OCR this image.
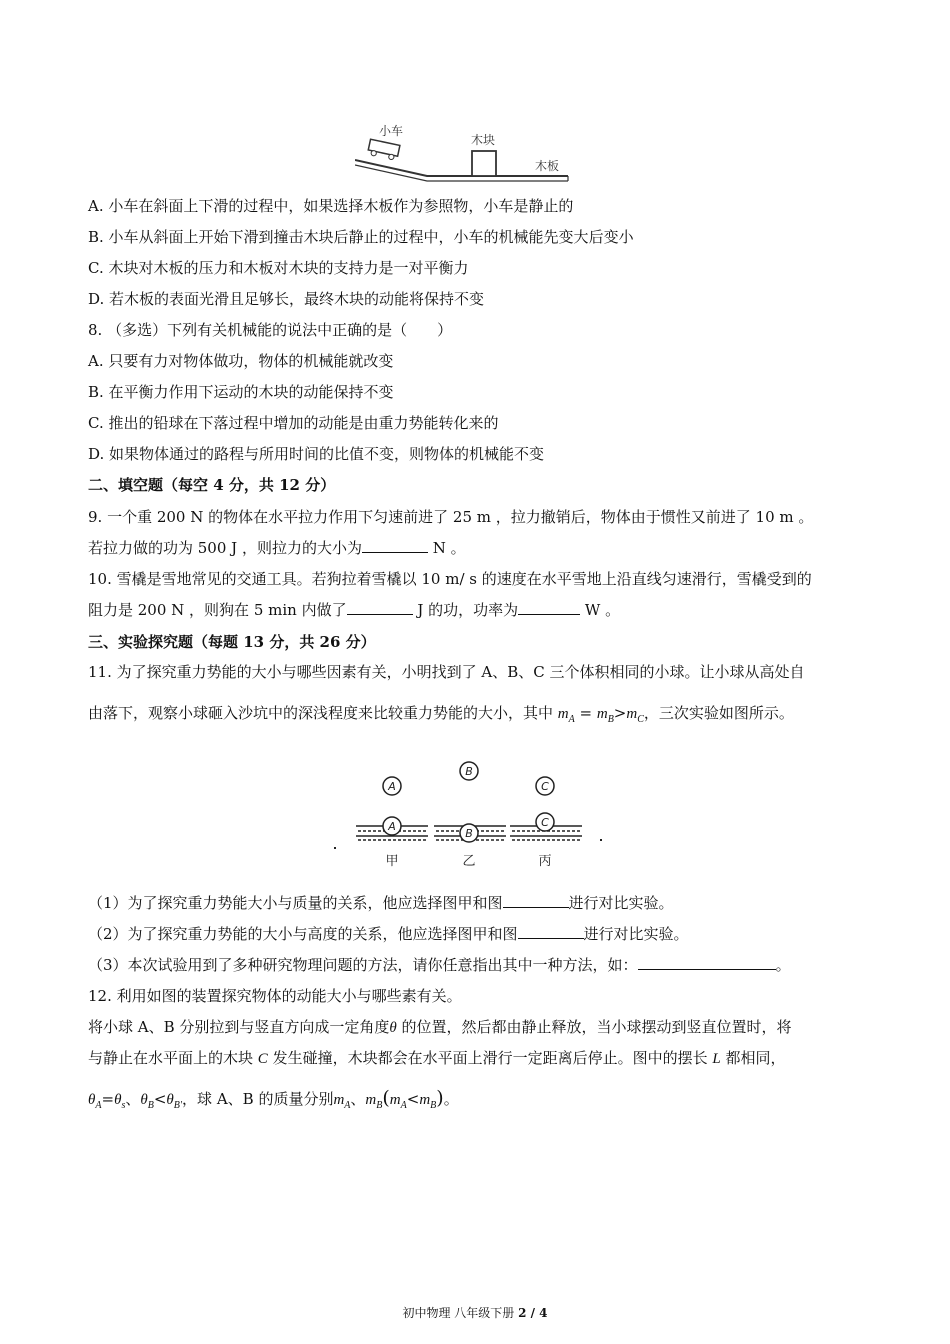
小车
木块
木板
A. 小车在斜面上下滑的过程中，如果选择木板作为参照物，小车是静止的
B. 小车从斜面上开始下滑到撞击木块后静止的过程中，小车的机械能先变大后变小
C. 木块对木板的压力和木板对木块的支持力是一对平衡力
D. 若木板的表面光滑且足够长，最终木块的动能将保持不变
8. （多选）下列有关机械能的说法中正确的是（　　）
A. 只要有力对物体做功，物体的机械能就改变
B. 在平衡力作用下运动的木块的动能保持不变
C. 推出的铅球在下落过程中增加的动能是由重力势能转化来的
D. 如果物体通过的路程与所用时间的比值不变，则物体的机械能不变
二、填空题（每空 4 分，共 12 分）
9. 一个重 200 N 的物体在水平拉力作用下匀速前进了 25 m ，拉力撤销后，物体由于惯性又前进了 10 m 。
若拉力做的功为 500 J ，则拉力的大小为	N 。
10. 雪橇是雪地常见的交通工具。若狗拉着雪橇以 10 m/ s 的速度在水平雪地上沿直线匀速滑行，雪橇受到的
阻力是 200 N ，则狗在 5 min 内做了	J 的功，功率为	W 。
三、实验探究题（每题 13 分，共 26 分）
11. 为了探究重力势能的大小与哪些因素有关，小明找到了 A、B、C 三个体积相同的小球。让小球从高处自
由落下，观察小球砸入沙坑中的深浅程度来比较重力势能的大小，其中 $m_A = m_B>m_C$，三次实验如图所示。
A
B
C
A
B
C
甲	乙	丙
（1）为了探究重力势能大小与质量的关系，他应选择图甲和图	进行对比实验。
（2）为了探究重力势能的大小与高度的关系，他应选择图甲和图	进行对比实验。
（3）本次试验用到了多种研究物理问题的方法，请你任意指出其中一种方法，如：	。
12. 利用如图的装置探究物体的动能大小与哪些素有关。
将小球 A、B 分别拉到与竖直方向成一定角度θ 的位置，然后都由静止释放，当小球摆动到竖直位置时，将
与静止在水平面上的木块 C 发生碰撞，木块都会在水平面上滑行一定距离后停止。图中的摆长 L 都相同，
$\theta_A=\theta_s$、$\theta_B<\theta_{B'}$，球 A、B 的质量分别$m_A$、$m_B(m_A<m_B)$。
初中物理 八年级下册 2 / 4
